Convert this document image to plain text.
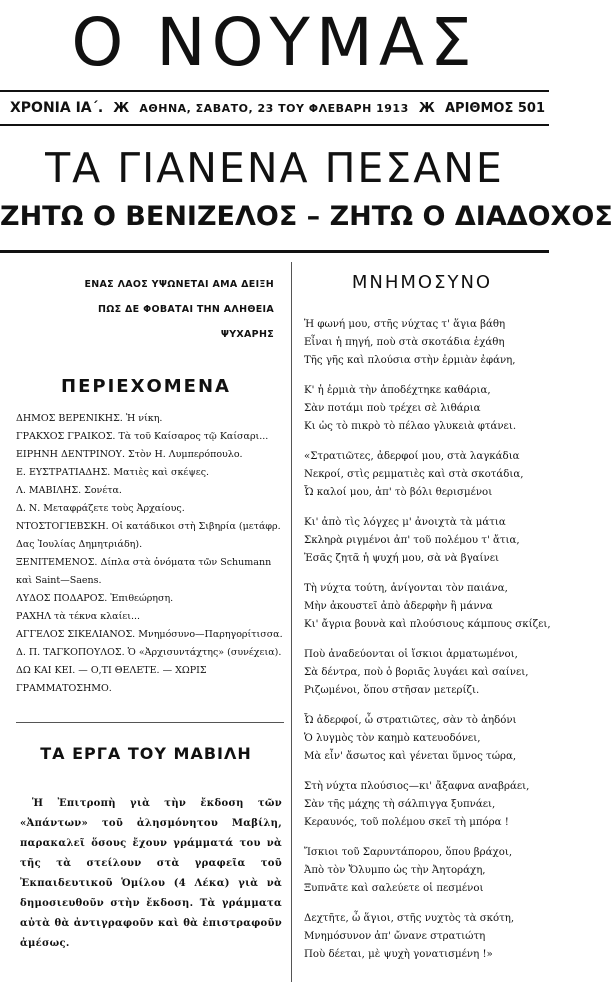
Ο ΝΟΥΜΑΣ
ΧΡΟΝΙΑ ΙΑ΄. Ж ΑΘΗΝΑ, ΣΑΒΑΤΟ, 23 ΤΟΥ ΦΛΕΒΑΡΗ 1913 Ж ΑΡΙΘΜΟΣ 501
ΤΑ ΓΙΑΝΕΝΑ ΠΕΣΑΝΕ
ΖΗΤΩ Ο ΒΕΝΙΖΕΛΟΣ – ΖΗΤΩ Ο ΔΙΑΔΟΧΟΣ
ΕΝΑΣ ΛΑΟΣ ΥΨΩΝΕΤΑΙ ΑΜΑ ΔΕΙΞΗ
ΠΩΣ ΔΕ ΦΟΒΑΤΑΙ ΤΗΝ ΑΛΗΘΕΙΑ
ΨΥΧΑΡΗΣ
ΠΕΡΙΕΧΟΜΕΝΑ
ΔΗΜΟΣ ΒΕΡΕΝΙΚΗΣ. Ἡ νίκη.
ΓΡΑΚΧΟΣ ΓΡΑΙΚΟΣ. Τὰ τοῦ Καίσαρος τῷ Καίσαρι...
ΕΙΡΗΝΗ ΔΕΝΤΡΙΝΟΥ. Στὸν Η. Λυμπερόπουλο.
Ε. ΕΥΣΤΡΑΤΙΑΔΗΣ. Ματιὲς καὶ σκέψες.
Λ. ΜΑΒΙΛΗΣ. Σονέτα.
Δ. Ν. Μεταφράζετε τοὺς Ἀρχαίους.
ΝΤΟΣΤΟΓΙΕΒΣΚΗ. Οἱ κατάδικοι στὴ Σιβηρία (μετάφρ. Δας Ἰουλίας Δημητριάδη).
ΞΕΝΙΤΕΜΕΝΟΣ. Δίπλα στὰ ὀνόματα τῶν Schumann καὶ Saint—Saens.
ΛΥΔΟΣ ΠΟΔΑΡΟΣ. Ἐπιθεώρηση.
ΡΑΧΗΛ τὰ τέκνα κλαίει...
ΑΓΓΕΛΟΣ ΣΙΚΕΛΙΑΝΟΣ. Μνημόσυνο—Παρηγορίτισσα.
Δ. Π. ΤΑΓΚΟΠΟΥΛΟΣ. Ὁ «Ἀρχισυντάχτης» (συνέχεια).
ΔΩ ΚΑΙ ΚΕΙ. — Ο,ΤΙ ΘΕΛΕΤΕ. — ΧΩΡΙΣ ΓΡΑΜΜΑΤΟΣΗΜΟ.
ΤΑ ΕΡΓΑ ΤΟΥ ΜΑΒΙΛΗ

Ἡ Ἐπιτροπὴ γιὰ τὴν ἔκδοση τῶν «Ἀπάντων» τοῦ ἀλησμόνητου Μαβίλη, παρακαλεῖ ὅσους ἔχουν γράμματά του νὰ τῆς τὰ στείλουν στὰ γραφεῖα τοῦ Ἐκπαιδευτικοῦ Ὁμίλου (4 Λέκα) γιὰ νὰ δημοσιευθοῦν στὴν ἔκδοση. Τὰ γράμματα αὐτὰ θὰ ἀντιγραφοῦν καὶ θὰ ἐπιστραφοῦν ἀμέσως.

ΜΝΗΜΟΣΥΝΟ
Ἡ φωνή μου, στῆς νύχτας τ' ἅγια βάθη
Εἶναι ἡ πηγή, ποὺ στὰ σκοτάδια ἐχάθη
Τῆς γῆς καὶ πλούσια στὴν ἐρμιὰν ἐφάνη,
Κ' ἡ ἐρμιὰ τὴν ἀποδέχτηκε καθάρια,
Σὰν ποτάμι ποὺ τρέχει σὲ λιθάρια
Κι ὡς τὸ πικρὸ τὸ πέλαο γλυκειὰ φτάνει.
«Στρατιῶτες, ἀδερφοί μου, στὰ λαγκάδια
Νεκροί, στὶς ρεμματιὲς καὶ στὰ σκοτάδια,
Ὦ καλοί μου, ἀπ' τὸ βόλι θερισμένοι
Κι' ἀπὸ τὶς λόγχες μ' ἀνοιχτὰ τὰ μάτια
Σκληρὰ ριγμένοι ἀπ' τοῦ πολέμου τ' ἄτια,
Ἐσᾶς ζητᾶ ἡ ψυχή μου, σὰ νὰ βγαίνει
Τὴ νύχτα τούτη, ἀνίγονται τὸν παιάνα,
Μὴν ἀκουστεῖ ἀπὸ ἀδερφὴν ἢ μάννα
Κι' ἄγρια βουνὰ καὶ πλούσιους κάμπους σκίζει,
Ποὺ ἀναδεύονται οἱ ἴσκιοι ἀρματωμένοι,
Σὰ δέντρα, ποὺ ὁ βοριᾶς λυγάει καὶ σαίνει,
Ριζωμένοι, ὅπου στῆσαν μετερίζι.
Ὦ ἀδερφοί, ὦ στρατιῶτες, σὰν τὸ ἀηδόνι
Ὁ λυγμὸς τὸν καημὸ κατευοδόνει,
Μὰ εἶν' ἄσωτος καὶ γένεται ὕμνος τώρα,
Στὴ νύχτα πλούσιος—κι' ἄξαφνα αναβράει,
Σὰν τῆς μάχης τὴ σάλπιγγα ξυπνάει,
Κεραυνός, τοῦ πολέμου σκεῖ τὴ μπόρα !
Ἴσκιοι τοῦ Σαρυντάπορου, ὅπου βράχοι,
Ἀπὸ τὸν Ὄλυμπο ὡς τὴν Ἀητοράχη,
Ξυπνᾶτε καὶ σαλεύετε οἱ πεσμένοι
Δεχτῆτε, ὦ ἅγιοι, στῆς νυχτὸς τὰ σκότη,
Μνημόσυνον ἀπ' ὤνανε στρατιώτη
Ποὺ δέεται, μὲ ψυχὴ γονατισμένη !»
